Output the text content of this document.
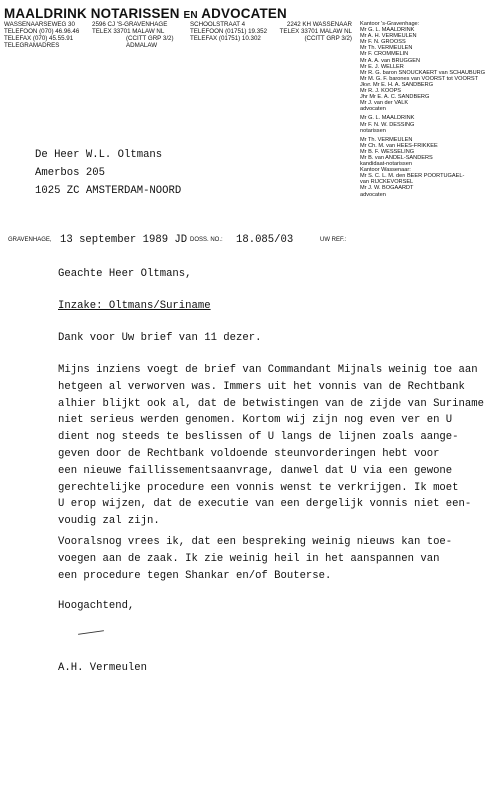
MAALDRINK NOTARISSEN EN ADVOCATEN
WASSENAARSEWEG 30
TELEFOON (070) 46.96.46
TELEFAX (070) 45.55.91
TELEGRAMADRES
2596 CJ 'S-GRAVENHAGE
TELEX 33701 MALAW NL
(CCITT GRP 3/2)
ADMALAW
SCHOOLSTRAAT 4
TELEFOON (01751) 19.352
TELEFAX (01751) 10.302
2242 KH WASSENAAR
TELEX 33701 MALAW NL
(CCITT GRP 3/2)
Kantoor 's-Gravenhage:
Mr G. L. MAALDRINK
Mr A. H. VERMEULEN
Mr F. N. GROOSS
Mr Th. VERMEULEN
Mr F. CROMMELIN
Mr A. A. van BRUGGEN
Mr E. J. WELLER
Mr R. G. baron SNOUCKAERT van SCHAUBURG
Mr M. G. F. barones van VOORST tot VOORST
Jkvr. Mr E. H. A. SANDBERG
Mr R. J. KOOPS
Jhr Mr E. A. C. SANDBERG
Mr J. van der VALK
advocaten
Mr G. L. MAALDRINK
Mr F. N. W. DESSING
notarissen
Mr Th. VERMEULEN
Mr Ch. M. van HEES-FRIKKEE
Mr B. F. WESSELING
Mr B. van ANDEL-SANDERS
kandidaat-notarissen
Kantoor Wassenaar:
Mr S. C. L. M. den BEER POORTUGAEL-
van RIJCKEVORSEL
Mr J. W. BOGAARDT
advocaten
De Heer W.L. Oltmans
Amerbos 205
1025 ZC AMSTERDAM-NOORD
GRAVENHAGE, 13 september 1989 JD DOSS. NO.: 18.085/03	UW REF.:
Geachte Heer Oltmans,
Inzake: Oltmans/Suriname
Dank voor Uw brief van 11 dezer.
Mijns inziens voegt de brief van Commandant Mijnals weinig toe aan
hetgeen al verworven was. Immers uit het vonnis van de Rechtbank
alhier blijkt ook al, dat de betwistingen van de zijde van Suriname
niet serieus werden genomen. Kortom wij zijn nog even ver en U
dient nog steeds te beslissen of U langs de lijnen zoals aange-
geven door de Rechtbank voldoende steunvorderingen hebt voor
een nieuwe faillissementsaanvrage, danwel dat U via een gewone
gerechtelijke procedure een vonnis wenst te verkrijgen. Ik moet
U erop wijzen, dat de executie van een dergelijk vonnis niet een-
voudig zal zijn.
Vooralsnog vrees ik, dat een bespreking weinig nieuws kan toe-
voegen aan de zaak. Ik zie weinig heil in het aanspannen van
een procedure tegen Shankar en/of Bouterse.
Hoogachtend,
A.H. Vermeulen
